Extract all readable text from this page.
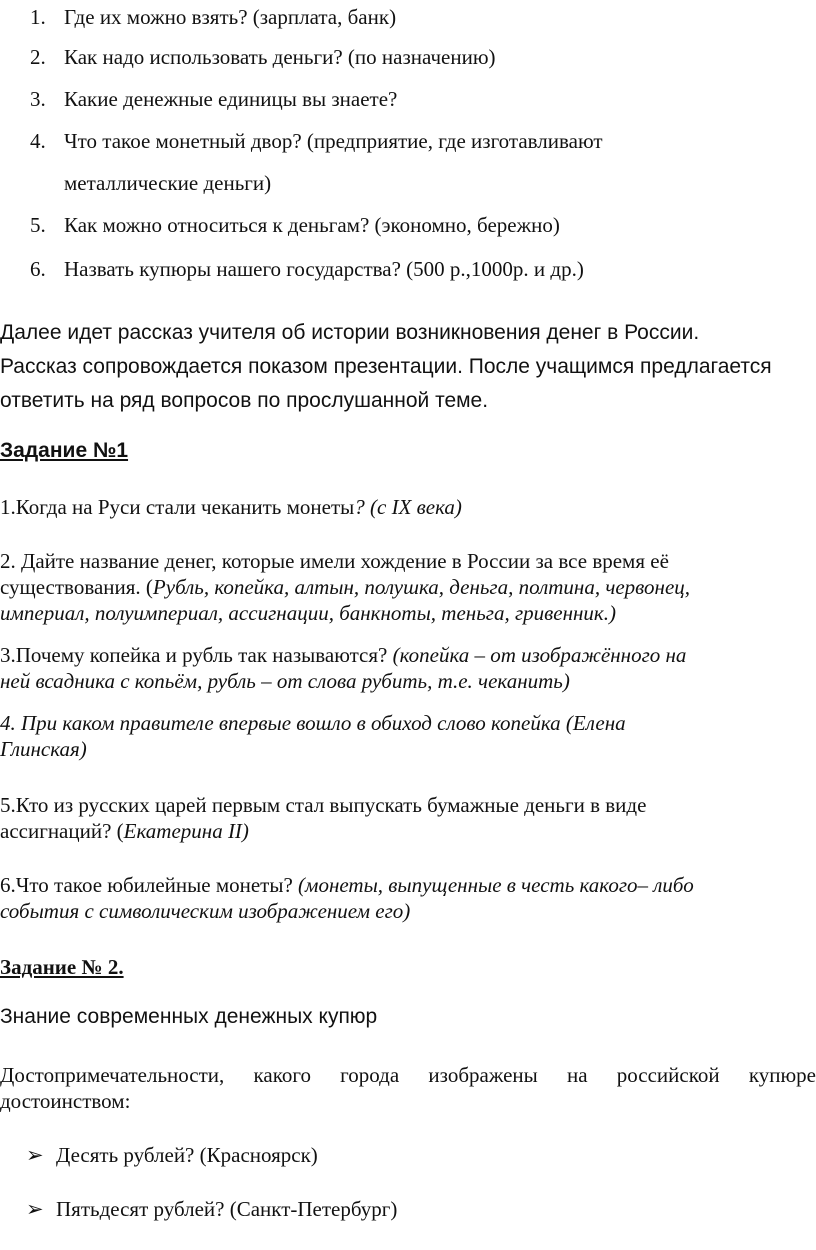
1. Где их можно взять? (зарплата, банк)
2. Как надо использовать деньги? (по назначению)
3. Какие денежные единицы вы знаете?
4. Что такое монетный двор? (предприятие, где изготавливают
металлические деньги)
5. Как можно относиться к деньгам? (экономно, бережно)
6. Назвать купюры нашего государства? (500 р.,1000р. и др.)
Далее идет рассказ учителя об истории возникновения денег в России.
Рассказ сопровождается показом презентации. После учащимся предлагается
ответить на ряд вопросов по прослушанной теме.
Задание №1
1.Когда на Руси стали чеканить монеты? (с IX века)
2. Дайте название денег, которые имели хождение в России за все время её
существования. (Рубль, копейка, алтын, полушка, деньга, полтина, червонец,
империал, полуимпериал, ассигнации, банкноты, теньга, гривенник.)
3.Почему копейка и рубль так называются? (копейка – от изображённого на
ней всадника с копьём, рубль – от слова рубить, т.е. чеканить)
4. При каком правителе впервые вошло в обиход слово копейка (Елена
Глинская)
5.Кто из русских царей первым стал выпускать бумажные деньги в виде
ассигнаций? (Екатерина II)
6.Что такое юбилейные монеты? (монеты, выпущенные в честь какого– либо
события с символическим изображением его)
Задание № 2.
Знание современных денежных купюр
Достопримечательности, какого города изображены на российской купюре
достоинством:
➢ Десять рублей? (Красноярск)
➢ Пятьдесят рублей? (Санкт-Петербург)
